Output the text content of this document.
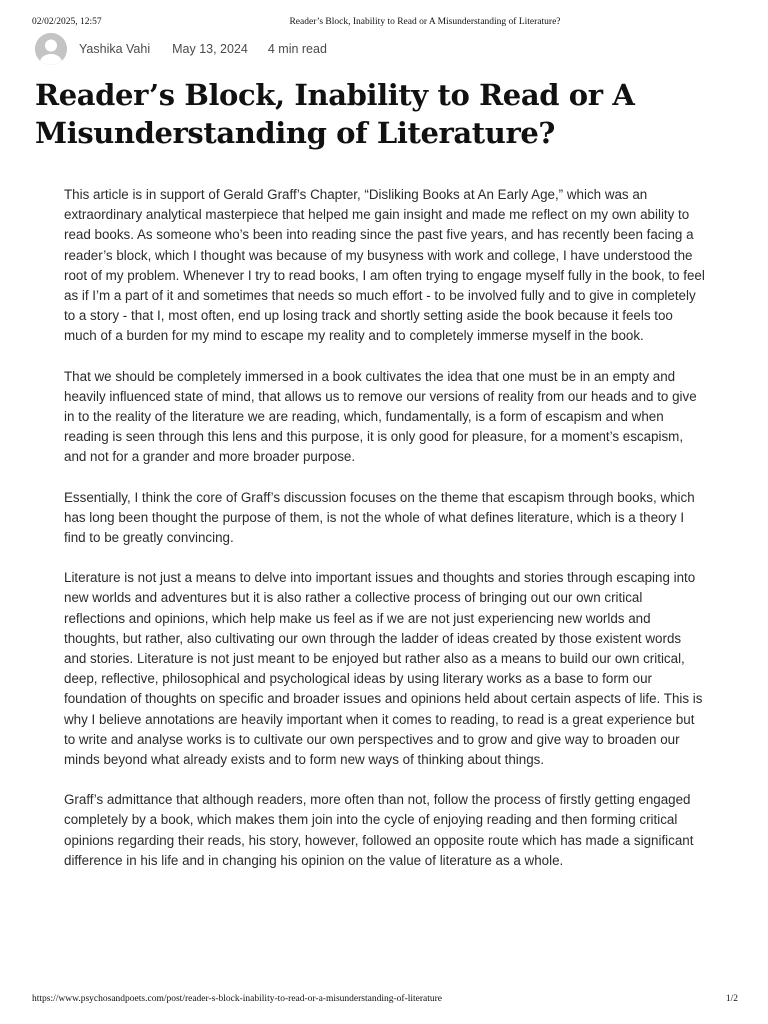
02/02/2025, 12:57	Reader’s Block, Inability to Read or A Misunderstanding of Literature?
Yashika Vahi May 13, 2024 4 min read
Reader’s Block, Inability to Read or A Misunderstanding of Literature?

This article is in support of Gerald Graff’s Chapter, “Disliking Books at An Early Age,” which was an extraordinary analytical masterpiece that helped me gain insight and made me reflect on my own ability to read books. As someone who’s been into reading since the past five years, and has recently been facing a reader’s block, which I thought was because of my busyness with work and college, I have understood the root of my problem. Whenever I try to read books, I am often trying to engage myself fully in the book, to feel as if I’m a part of it and sometimes that needs so much effort - to be involved fully and to give in completely to a story - that I, most often, end up losing track and shortly setting aside the book because it feels too much of a burden for my mind to escape my reality and to completely immerse myself in the book.

That we should be completely immersed in a book cultivates the idea that one must be in an empty and heavily influenced state of mind, that allows us to remove our versions of reality from our heads and to give in to the reality of the literature we are reading, which, fundamentally, is a form of escapism and when reading is seen through this lens and this purpose, it is only good for pleasure, for a moment’s escapism, and not for a grander and more broader purpose.

Essentially, I think the core of Graff’s discussion focuses on the theme that escapism through books, which has long been thought the purpose of them, is not the whole of what defines literature, which is a theory I find to be greatly convincing.

Literature is not just a means to delve into important issues and thoughts and stories through escaping into new worlds and adventures but it is also rather a collective process of bringing out our own critical reflections and opinions, which help make us feel as if we are not just experiencing new worlds and thoughts, but rather, also cultivating our own through the ladder of ideas created by those existent words and stories. Literature is not just meant to be enjoyed but rather also as a means to build our own critical, deep, reflective, philosophical and psychological ideas by using literary works as a base to form our foundation of thoughts on specific and broader issues and opinions held about certain aspects of life. This is why I believe annotations are heavily important when it comes to reading, to read is a great experience but to write and analyse works is to cultivate our own perspectives and to grow and give way to broaden our minds beyond what already exists and to form new ways of thinking about things.

Graff’s admittance that although readers, more often than not, follow the process of firstly getting engaged completely by a book, which makes them join into the cycle of enjoying reading and then forming critical opinions regarding their reads, his story, however, followed an opposite route which has made a significant difference in his life and in changing his opinion on the value of literature as a whole.

https://www.psychosandpoets.com/post/reader-s-block-inability-to-read-or-a-misunderstanding-of-literature	1/2
